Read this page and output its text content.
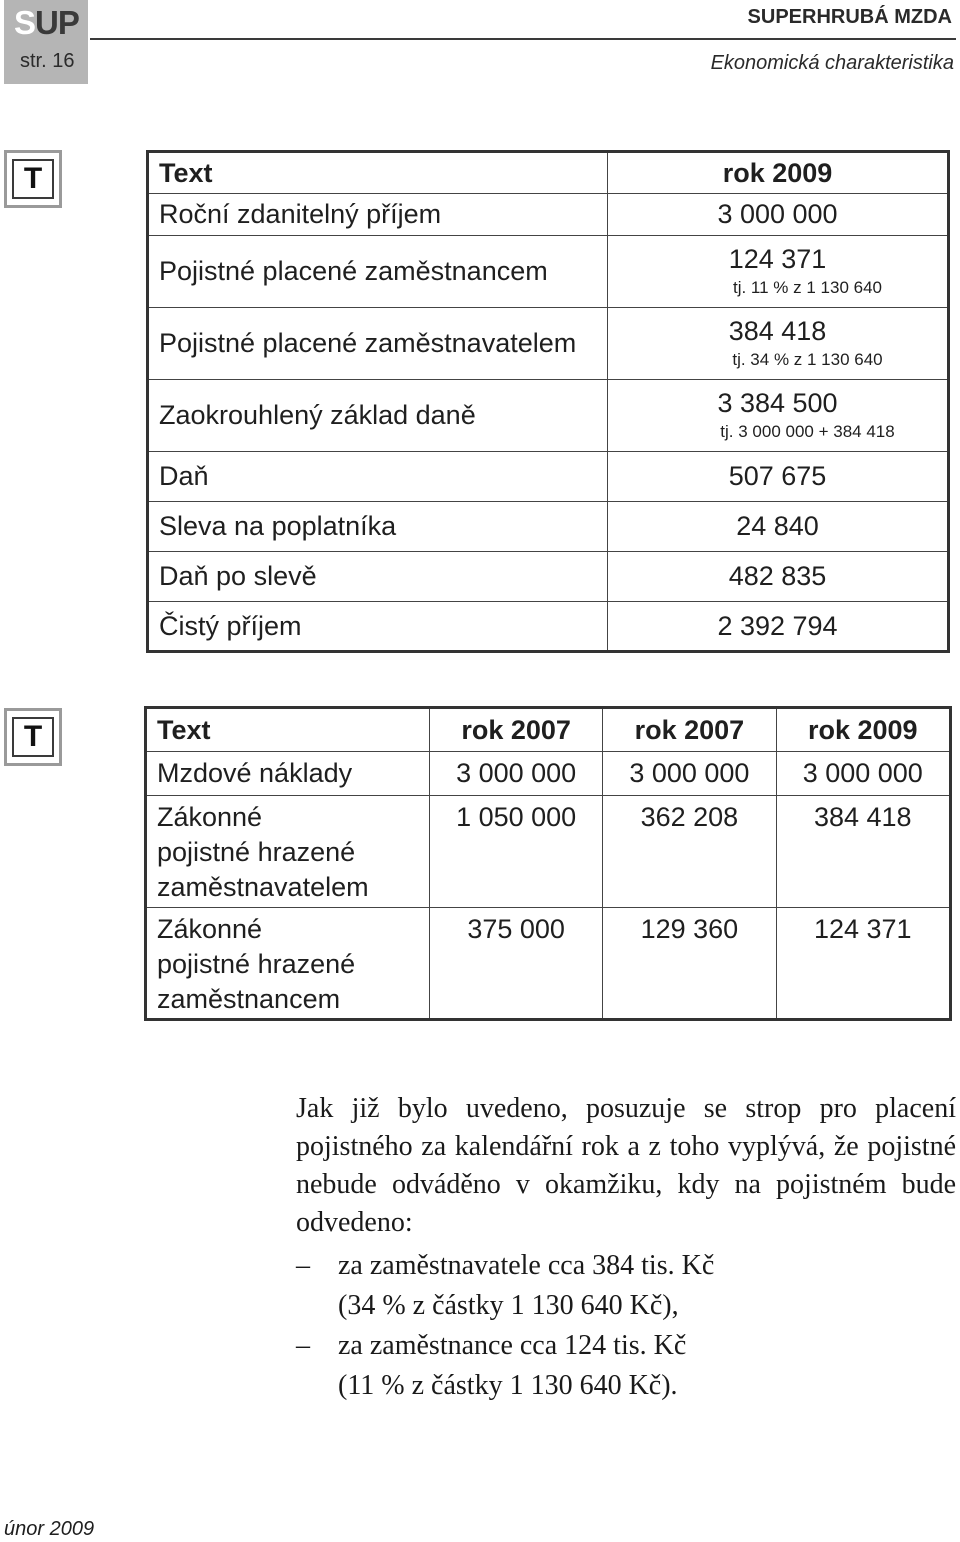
SUP
str. 16
SUPERHRUBÁ MZDA
Ekonomická charakteristika
T	Text	rok 2009
Roční zdanitelný příjem	3 000 000
Pojistné placené zaměstnancem	124 371
tj. 11 % z 1 130 640

Pojistné placené zaměstnavatelem	384 418
tj. 34 % z 1 130 640

Zaokrouhlený základ daně	3 384 500
tj. 3 000 000 + 384 418

Daň	507 675
Sleva na poplatníka	24 840
Daň po slevě	482 835
Čistý příjem	2 392 794
T	Text	rok 2007	rok 2007	rok 2009
Mzdové náklady	3 000 000	3 000 000	3 000 000

Zákonné
pojistné hrazené
zaměstnavatelem	1 050 000	362 208	384 418

Zákonné
pojistné hrazené
zaměstnancem	375 000	129 360	124 371

Jak již bylo uvedeno, posuzuje se strop pro placení pojistného za kalendářní rok a z toho vyplývá, že pojistné nebude odváděno v okamžiku, kdy na pojistném bude odvedeno:

– za zaměstnavatele cca 384 tis. Kč
(34 % z částky 1 130 640 Kč),

– za zaměstnance cca 124 tis. Kč
(11 % z částky 1 130 640 Kč).

únor 2009
